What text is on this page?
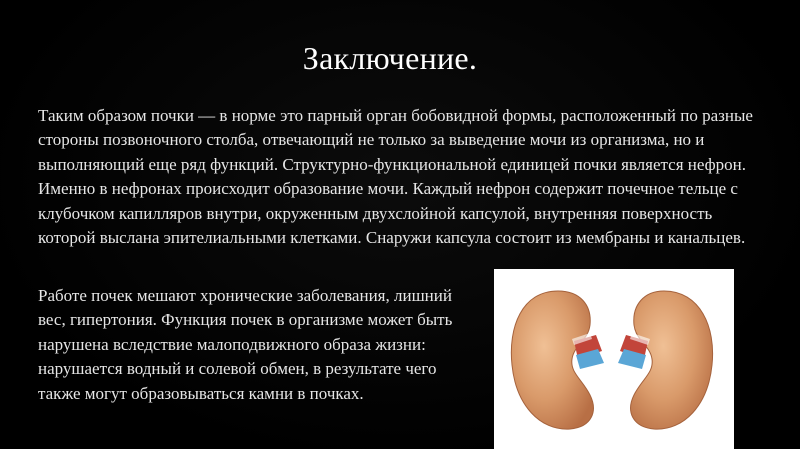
Заключение.

Таким образом почки — в норме это парный орган бобовидной формы, расположенный по разные стороны позвоночного столба, отвечающий не только за выведение мочи из организма, но и выполняющий еще ряд функций. Структурно-функциональной единицей почки является нефрон. Именно в нефронах происходит образование мочи. Каждый нефрон содержит почечное тельце с клубочком капилляров внутри, окруженным двухслойной капсулой, внутренняя поверхность которой выслана эпителиальными клетками. Снаружи капсула состоит из мембраны и канальцев.

Работе почек мешают хронические заболевания, лишний вес, гипертония. Функция почек в организме может быть нарушена вследствие малоподвижного образа жизни: нарушается водный и солевой обмен, в результате чего также могут образовываться камни в почках.
